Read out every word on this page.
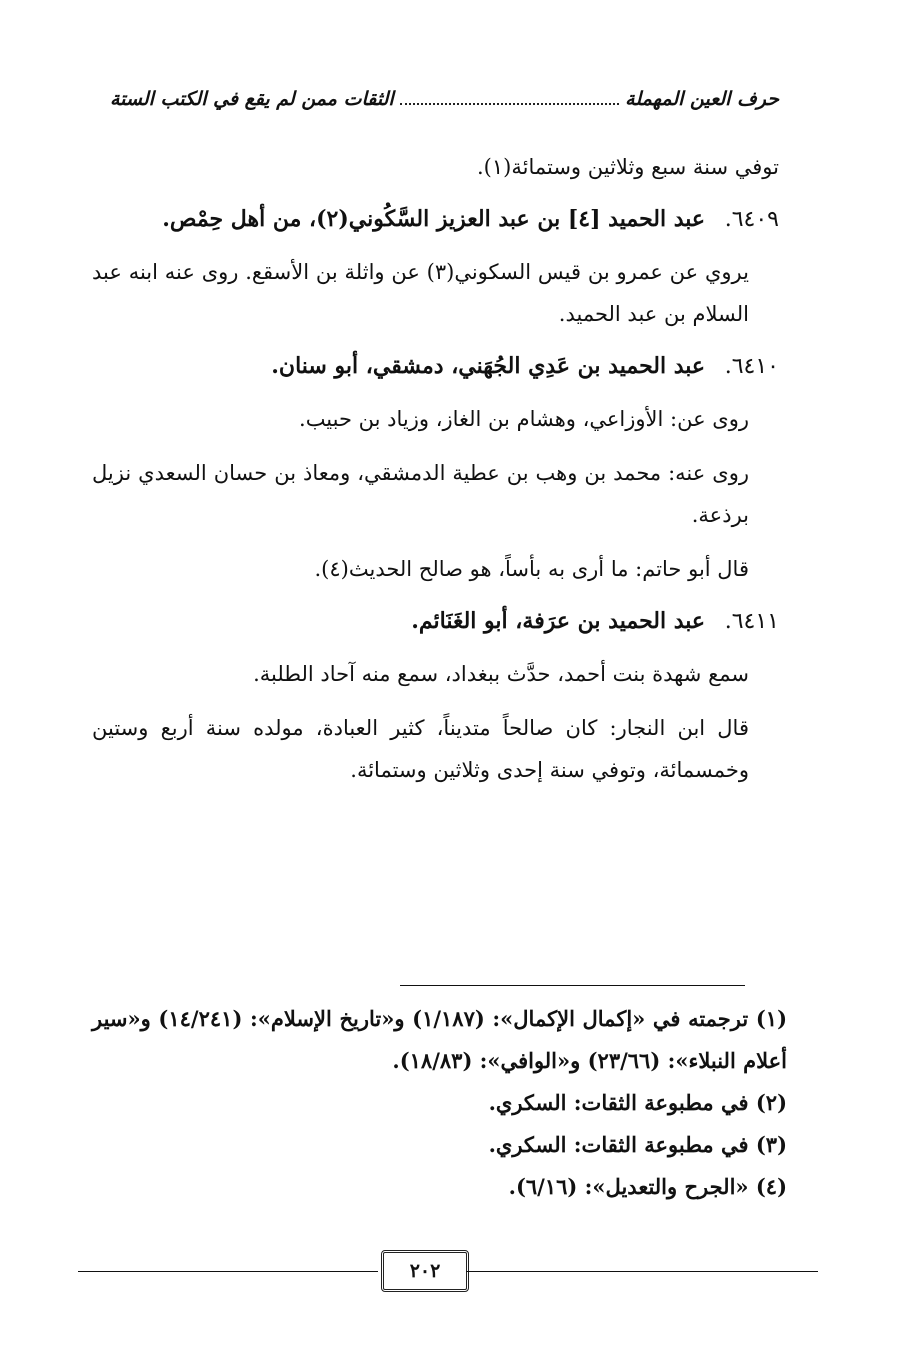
حرف العين المهملة
الثقات ممن لم يقع في الكتب الستة

توفي سنة سبع وثلاثين وستمائة(١).

٦٤٠٩. عبد الحميد [٤] بن عبد العزيز السَّكُوني(٢)، من أهل حِمْص.

يروي عن عمرو بن قيس السكوني(٣) عن واثلة بن الأسقع. روى عنه ابنه عبد السلام بن عبد الحميد.

٦٤١٠. عبد الحميد بن عَدِي الجُهَني، دمشقي، أبو سنان.

روى عن: الأوزاعي، وهشام بن الغاز، وزياد بن حبيب.

روى عنه: محمد بن وهب بن عطية الدمشقي، ومعاذ بن حسان السعدي نزيل برذعة.

قال أبو حاتم: ما أرى به بأساً، هو صالح الحديث(٤).

٦٤١١. عبد الحميد بن عرَفة، أبو الغَنَائم.

سمع شهدة بنت أحمد، حدَّث ببغداد، سمع منه آحاد الطلبة.

قال ابن النجار: كان صالحاً متديناً، كثير العبادة، مولده سنة أربع وستين وخمسمائة، وتوفي سنة إحدى وثلاثين وستمائة.

(١) ترجمته في «إكمال الإكمال»: (١/١٨٧) و«تاريخ الإسلام»: (١٤/٢٤١) و«سير أعلام النبلاء»: (٢٣/٦٦) و«الوافي»: (١٨/٨٣).

(٢) في مطبوعة الثقات: السكري.

(٣) في مطبوعة الثقات: السكري.

(٤) «الجرح والتعديل»: (٦/١٦).

٢٠٢
